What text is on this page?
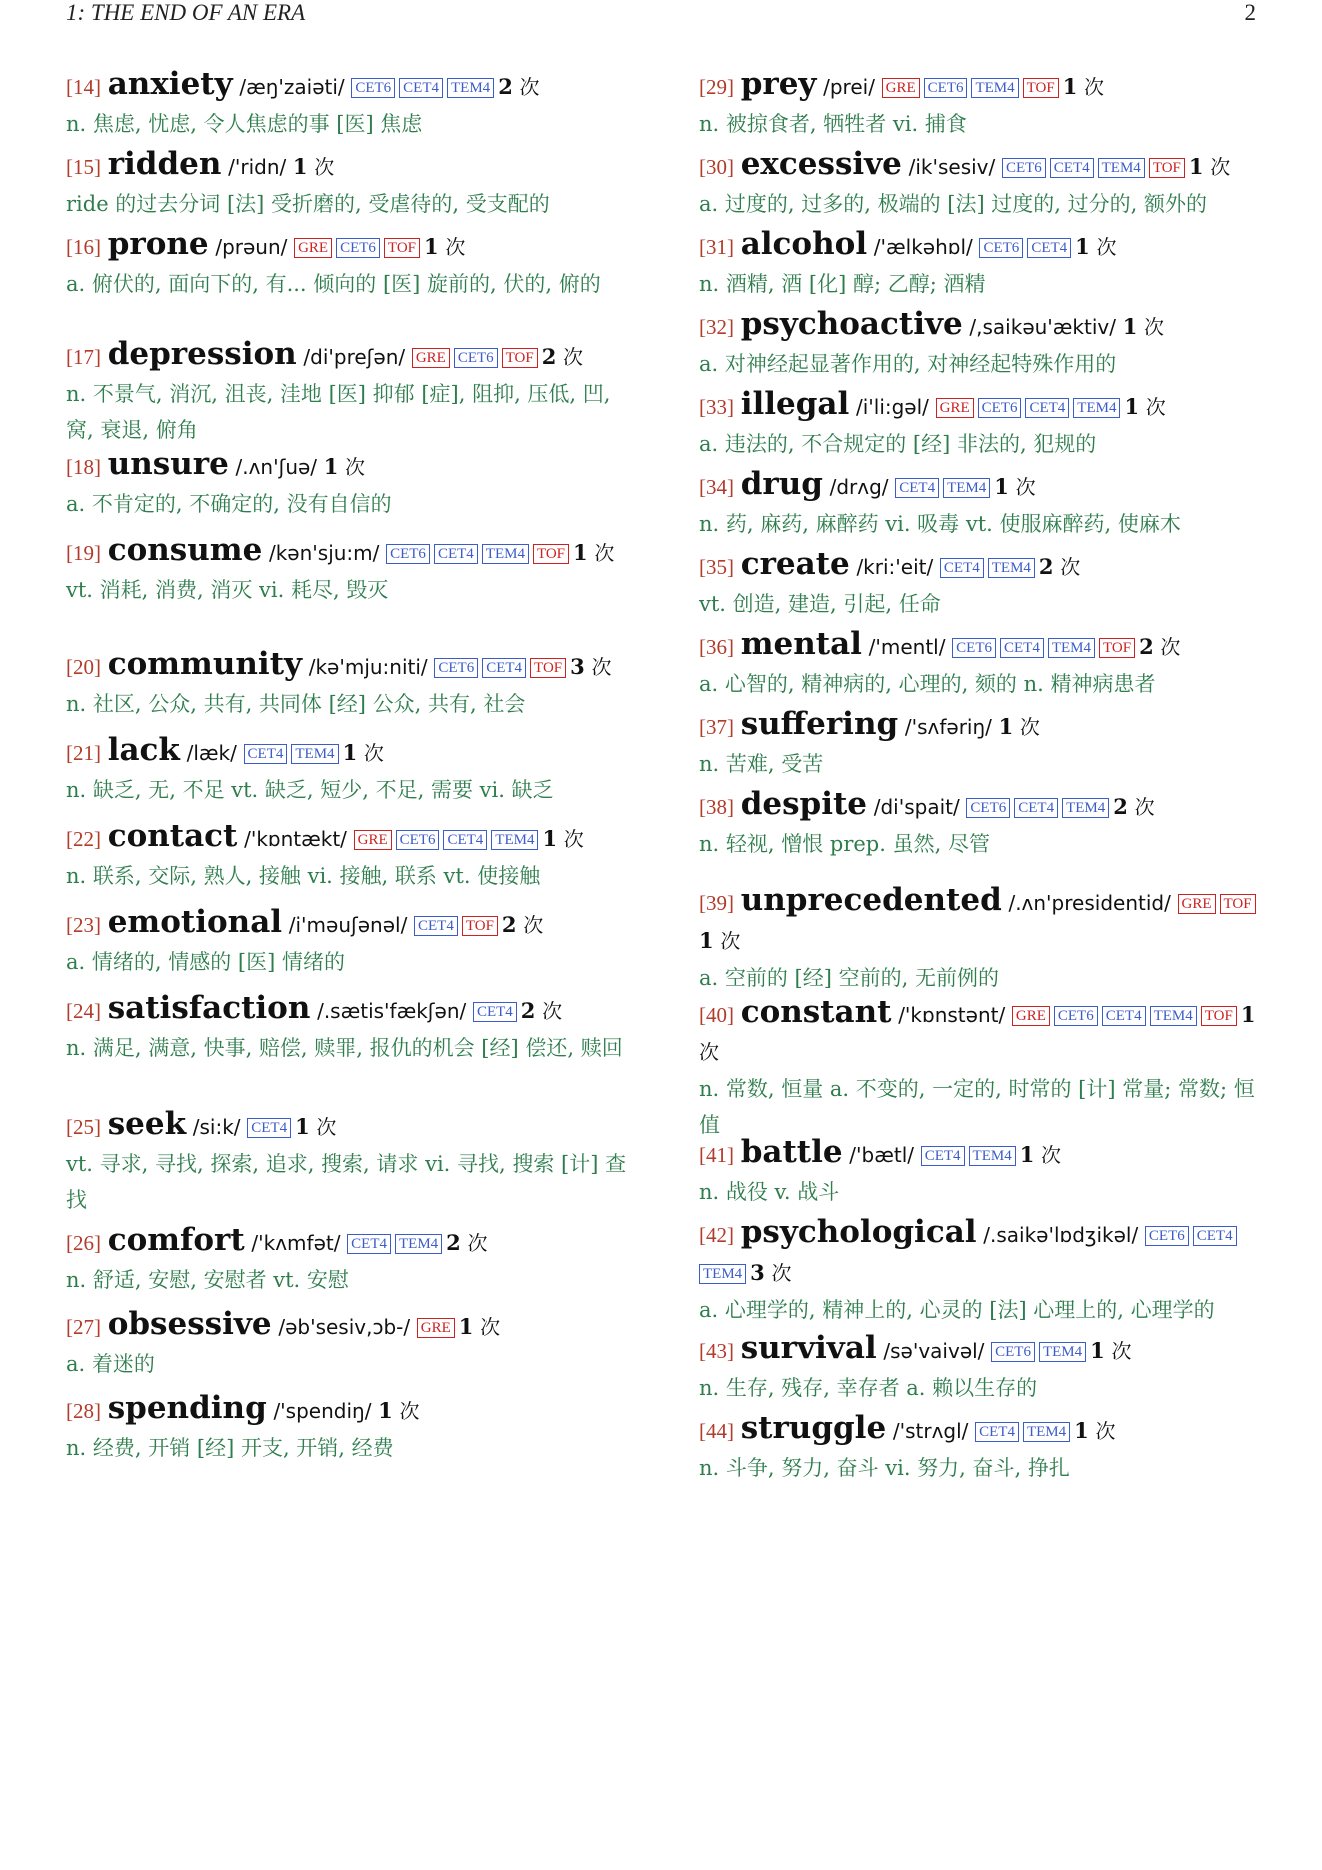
1: THE END OF AN ERA	2
[14] anxiety /æŋ'zaiəti/ CET6 CET4 TEM4 2 次
n. 焦虑, 忧虑, 令人焦虑的事 [医] 焦虑
[15] ridden /'ridn/ 1 次
ride 的过去分词 [法] 受折磨的, 受虐待的, 受支配的
[16] prone /prəun/ GRE CET6 TOF 1 次
a. 俯伏的, 面向下的, 有... 倾向的 [医] 旋前的, 伏的, 俯的
[17] depression /di'preʃən/ GRE CET6 TOF 2 次
n. 不景气, 消沉, 沮丧, 洼地 [医] 抑郁 [症], 阻抑, 压低, 凹, 窝, 衰退, 俯角
[18] unsure /.ʌn'ʃuə/ 1 次
a. 不肯定的, 不确定的, 没有自信的
[19] consume /kən'sju:m/ CET6 CET4 TEM4 TOF 1 次
vt. 消耗, 消费, 消灭 vi. 耗尽, 毁灭
[20] community /kə'mju:niti/ CET6 CET4 TOF 3 次
n. 社区, 公众, 共有, 共同体 [经] 公众, 共有, 社会
[21] lack /læk/ CET4 TEM4 1 次
n. 缺乏, 无, 不足 vt. 缺乏, 短少, 不足, 需要 vi. 缺乏
[22] contact /'kɒntækt/ GRE CET6 CET4 TEM4 1 次
n. 联系, 交际, 熟人, 接触 vi. 接触, 联系 vt. 使接触
[23] emotional /i'məuʃənəl/ CET4 TOF 2 次
a. 情绪的, 情感的 [医] 情绪的
[24] satisfaction /.sætis'fækʃən/ CET4 2 次
n. 满足, 满意, 快事, 赔偿, 赎罪, 报仇的机会 [经] 偿还, 赎回
[25] seek /si:k/ CET4 1 次
vt. 寻求, 寻找, 探索, 追求, 搜索, 请求 vi. 寻找, 搜索 [计] 查找
[26] comfort /'kʌmfət/ CET4 TEM4 2 次
n. 舒适, 安慰, 安慰者 vt. 安慰
[27] obsessive /əb'sesiv,ɔb-/ GRE 1 次
a. 着迷的
[28] spending /'spendiŋ/ 1 次
n. 经费, 开销 [经] 开支, 开销, 经费
[29] prey /prei/ GRE CET6 TEM4 TOF 1 次
n. 被掠食者, 牺牲者 vi. 捕食
[30] excessive /ik'sesiv/ CET6 CET4 TEM4 TOF 1 次
a. 过度的, 过多的, 极端的 [法] 过度的, 过分的, 额外的
[31] alcohol /'ælkəhɒl/ CET6 CET4 1 次
n. 酒精, 酒 [化] 醇; 乙醇; 酒精
[32] psychoactive /,saikəu'æktiv/ 1 次
a. 对神经起显著作用的, 对神经起特殊作用的
[33] illegal /i'li:gəl/ GRE CET6 CET4 TEM4 1 次
a. 违法的, 不合规定的 [经] 非法的, 犯规的
[34] drug /drʌg/ CET4 TEM4 1 次
n. 药, 麻药, 麻醉药 vi. 吸毒 vt. 使服麻醉药, 使麻木
[35] create /kri:'eit/ CET4 TEM4 2 次
vt. 创造, 建造, 引起, 任命
[36] mental /'mentl/ CET6 CET4 TEM4 TOF 2 次
a. 心智的, 精神病的, 心理的, 颏的 n. 精神病患者
[37] suffering /'sʌfəriŋ/ 1 次
n. 苦难, 受苦
[38] despite /di'spait/ CET6 CET4 TEM4 2 次
n. 轻视, 憎恨 prep. 虽然, 尽管
[39] unprecedented /.ʌn'presidentid/ GRE TOF1 次
a. 空前的 [经] 空前的, 无前例的
[40] constant /'kɒnstənt/ GRE CET6 CET4 TEM4 TOF 1 次
n. 常数, 恒量 a. 不变的, 一定的, 时常的 [计] 常量; 常数; 恒值
[41] battle /'bætl/ CET4 TEM4 1 次
n. 战役 v. 战斗
[42] psychological /.saikə'lɒdʒikəl/ CET6 CET4TEM4 3 次
a. 心理学的, 精神上的, 心灵的 [法] 心理上的, 心理学的
[43] survival /sə'vaivəl/ CET6 TEM4 1 次
n. 生存, 残存, 幸存者 a. 赖以生存的
[44] struggle /'strʌgl/ CET4 TEM4 1 次
n. 斗争, 努力, 奋斗 vi. 努力, 奋斗, 挣扎
